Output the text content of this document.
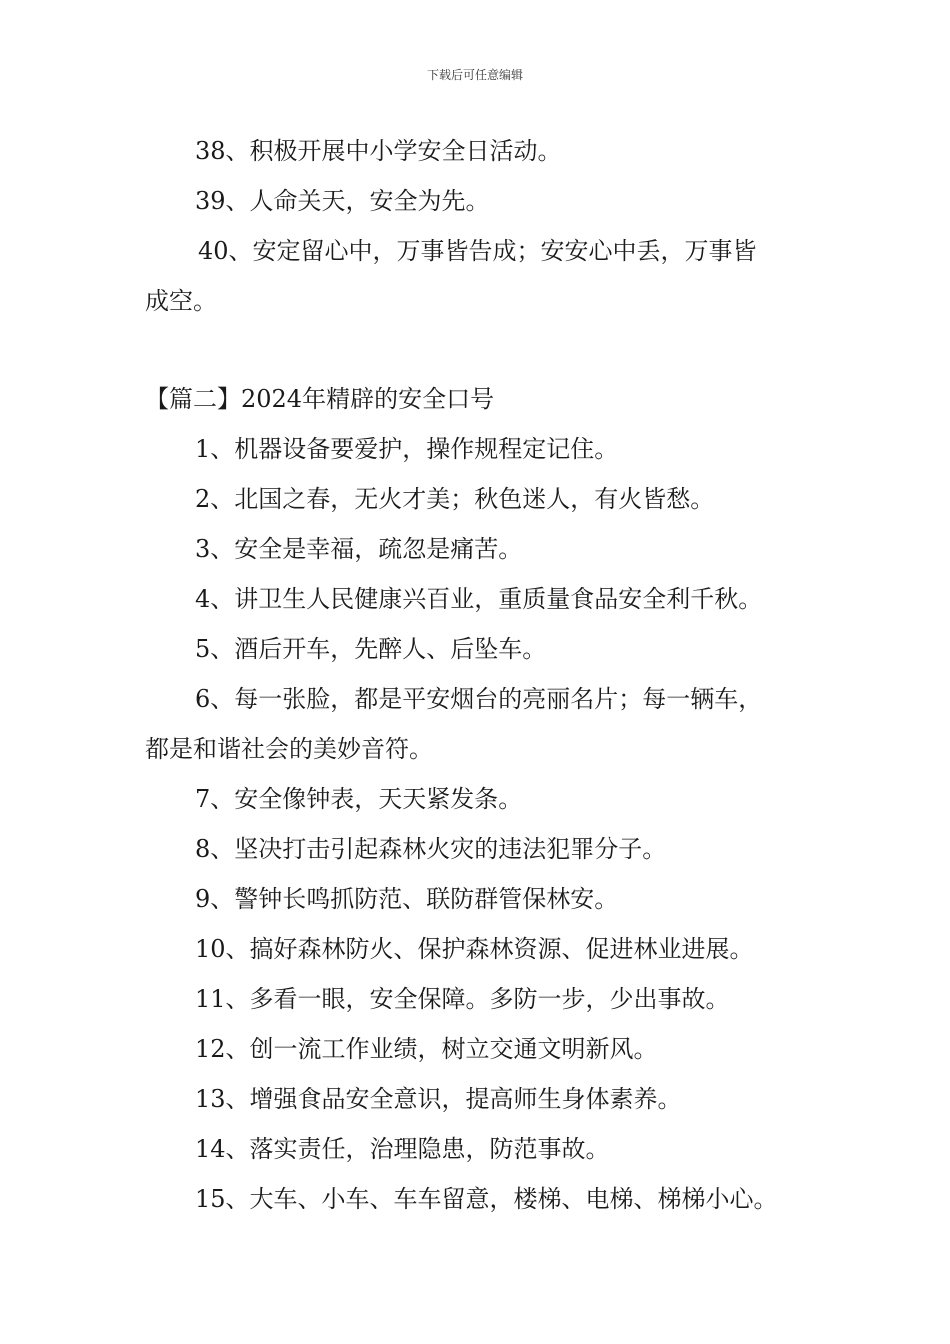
下载后可任意编辑
38、积极开展中小学安全日活动。
39、人命关天，安全为先。
40、安定留心中，万事皆告成；安安心中丢，万事皆
成空。
【篇二】2024年精辟的安全口号
1、机器设备要爱护，操作规程定记住。
2、北国之春，无火才美；秋色迷人，有火皆愁。
3、安全是幸福，疏忽是痛苦。
4、讲卫生人民健康兴百业，重质量食品安全利千秋。
5、酒后开车，先醉人、后坠车。
6、每一张脸，都是平安烟台的亮丽名片；每一辆车，
都是和谐社会的美妙音符。
7、安全像钟表，天天紧发条。
8、坚决打击引起森林火灾的违法犯罪分子。
9、警钟长鸣抓防范、联防群管保林安。
10、搞好森林防火、保护森林资源、促进林业进展。
11、多看一眼，安全保障。多防一步，少出事故。
12、创一流工作业绩，树立交通文明新风。
13、增强食品安全意识，提高师生身体素养。
14、落实责任，治理隐患，防范事故。
15、大车、小车、车车留意，楼梯、电梯、梯梯小心。
